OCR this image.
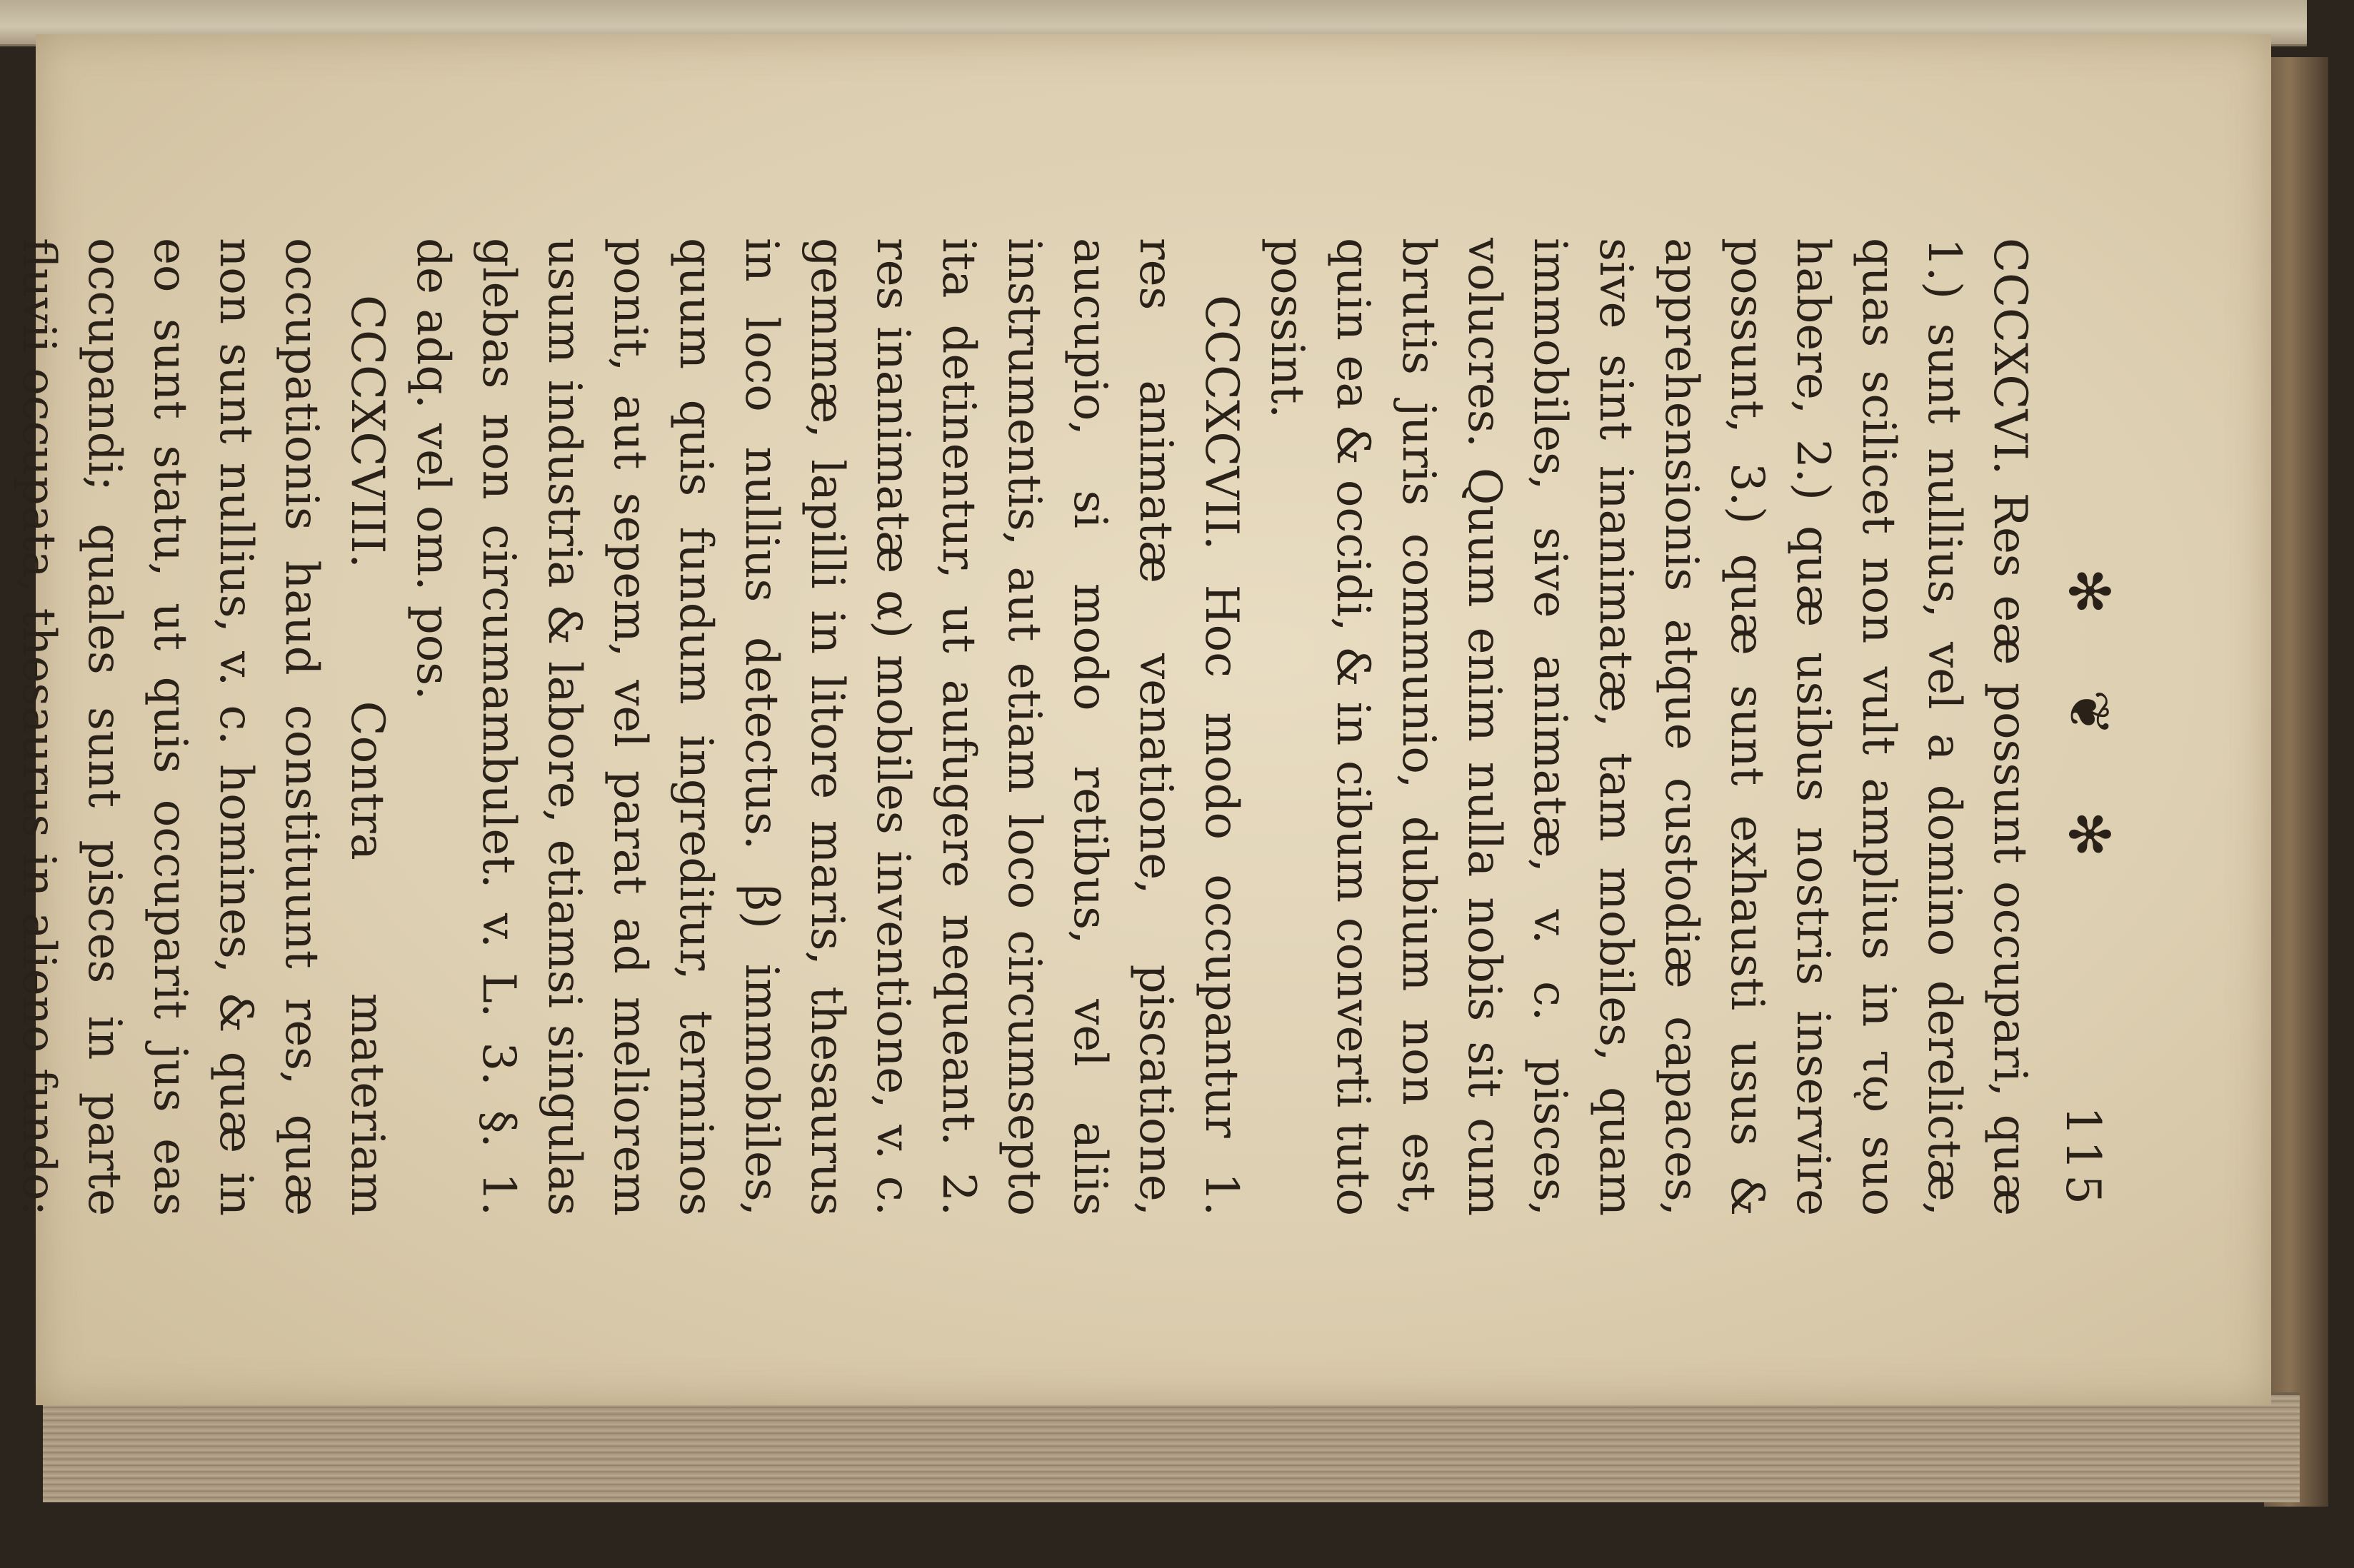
✻ ❦ ✻
115

CCCXCVI. Res eæ possunt occupari, quæ 1.) sunt nullius, vel a domino derelictæ, quas scilicet non vult amplius in τῳ suo habere, 2.) quæ usibus nostris inservire possunt, 3.) quæ sunt exhausti usus & apprehensionis atque custodiæ capaces, sive sint inanimatæ, tam mobiles, quam immobiles, sive animatæ, v. c. pisces, volucres. Quum enim nulla nobis sit cum brutis juris communio, dubium non est, quin ea & occidi, & in cibum converti tuto possint.

CCCXCVII. Hoc modo occupantur 1. res animatæ venatione, piscatione, aucupio, si modo retibus, vel aliis instrumentis, aut etiam loco circumsepto ita detinentur, ut aufugere nequeant. 2. res inanimatæ α) mobiles inventione, v. c. gemmæ, lapilli in litore maris, thesaurus in loco nullius detectus. β) immobiles, quum quis fundum ingreditur, terminos ponit, aut sepem, vel parat ad meliorem usum industria & labore, etiamsi singulas glebas non circumambulet. v. L. 3. §. 1. de adq. vel om. pos.

CCCXCVIII. Contra materiam occupationis haud constituunt res, quæ non sunt nullius, v. c. homines, & quæ in eo sunt statu, ut quis occuparit jus eas occupandi; quales sunt pisces in parte fluvii occupata, thesaurus in alieno fundo:
